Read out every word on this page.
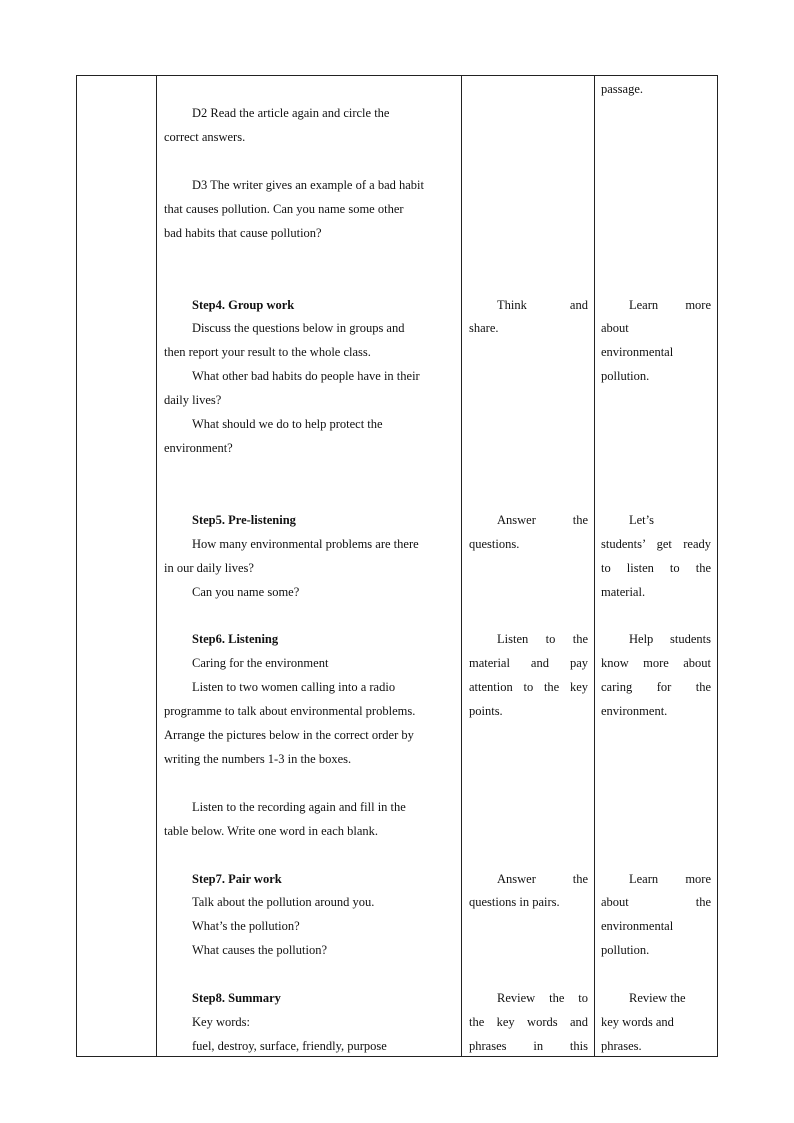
D2 Read the article again and circle the
correct answers.
D3 The writer gives an example of a bad habit
that causes pollution. Can you name some other
bad habits that cause pollution?
Step4. Group work
Discuss the questions below in groups and
then report your result to the whole class.
What other bad habits do people have in their
daily lives?
What should we do to help protect the
environment?
Step5. Pre-listening
How many environmental problems are there
in our daily lives?
Can you name some?
Step6. Listening
Caring for the environment
Listen to two women calling into a radio
programme to talk about environmental problems.
Arrange the pictures below in the correct order by
writing the numbers 1-3 in the boxes.
Listen to the recording again and fill in the
table below. Write one word in each blank.
Step7. Pair work
Talk about the pollution around you.
What’s the pollution?
What causes the pollution?
Step8. Summary
Key words:
fuel, destroy, surface, friendly, purpose
Think and
share.
Answer the
questions.
Listen to the
material and pay
attention to the key
points.
Answer the
questions in pairs.
Review the to
the key words and
phrases in this
passage.
Learn more
about
environmental
pollution.
Let’s
students’ get ready
to listen to the
material.
Help students
know more about
caring for the
environment.
Learn more
about the
environmental
pollution.
Review the
key words and
phrases.
